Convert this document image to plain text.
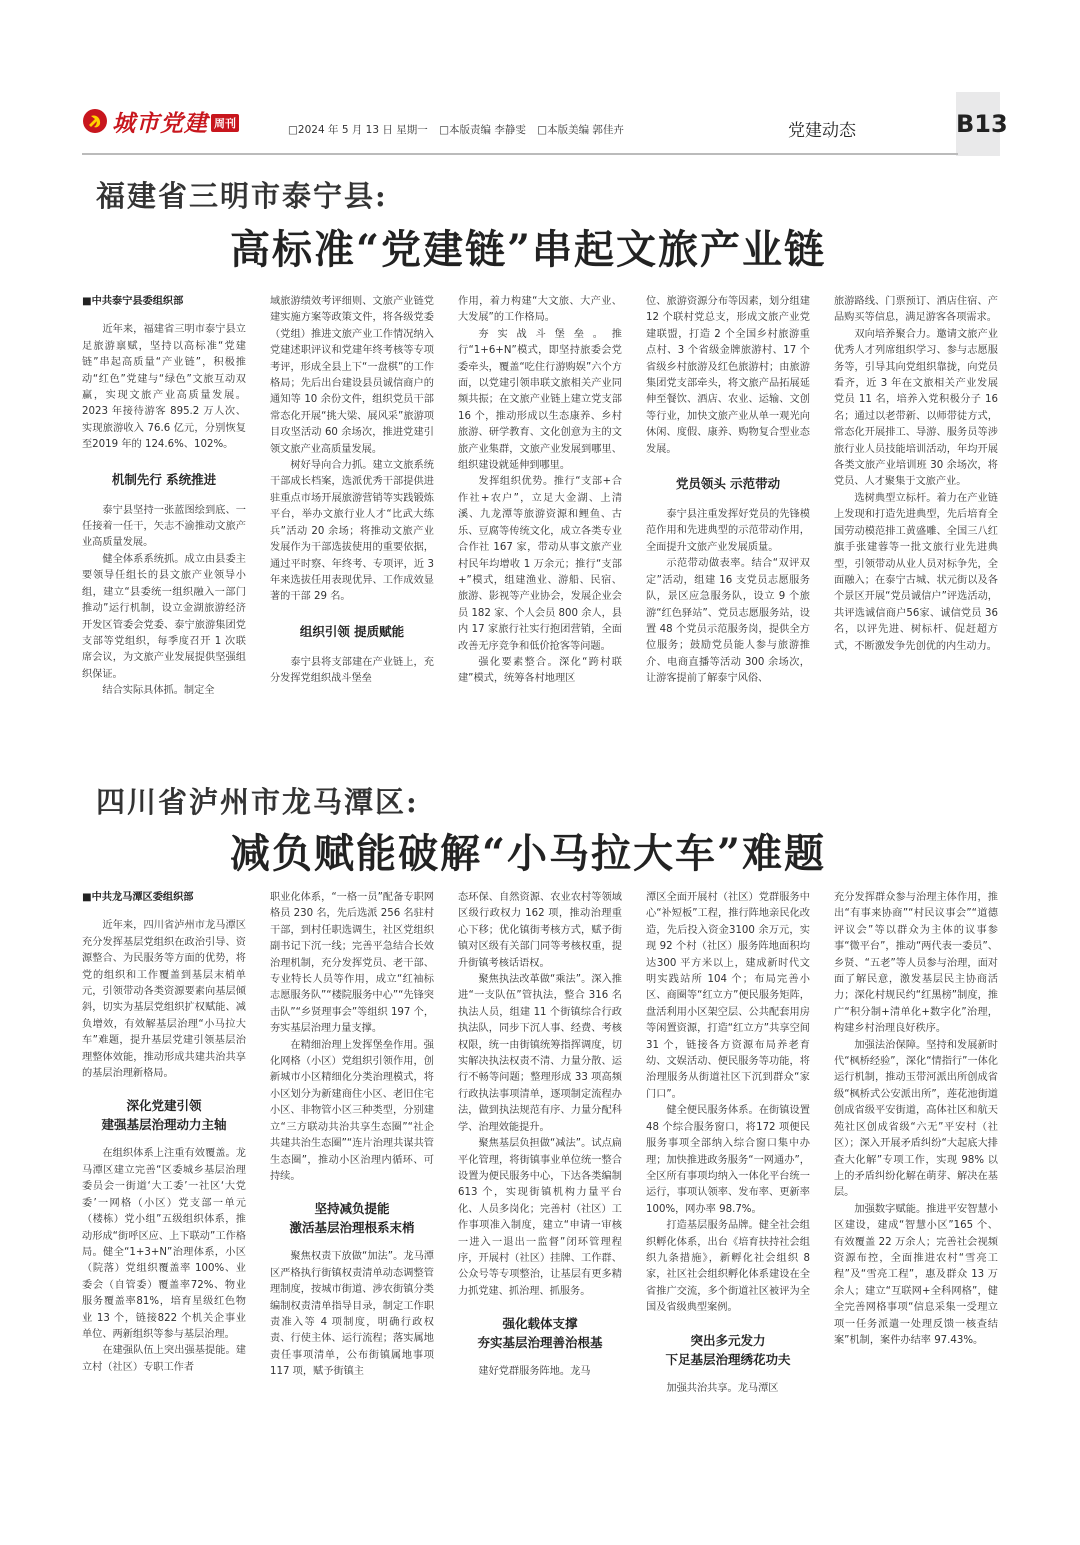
城市党建 周刊	□2024 年 5 月 13 日 星期一 □本版责编 李静雯 □本版美编 郭佳卉	党建动态	B13
福建省三明市泰宁县:
高标准“党建链”串起文旅产业链

■中共泰宁县委组织部

近年来，福建省三明市泰宁县立足旅游禀赋，坚持以高标准“党建链”串起高质量“产业链”，积极推动“红色”党建与“绿色”文旅互动双赢，实现文旅产业高质量发展。2023 年接待游客 895.2 万人次、实现旅游收入 76.6 亿元，分别恢复至2019 年的 124.6%、102%。

机制先行 系统推进

泰宁县坚持一张蓝图绘到底、一任接着一任干，矢志不渝推动文旅产业高质量发展。

健全体系系统抓。成立由县委主要领导任组长的县文旅产业领导小组，建立“县委统一组织融入一部门推动”运行机制，设立金湖旅游经济开发区管委会党委、泰宁旅游集团党支部等党组织，每季度召开 1 次联席会议，为文旅产业发展提供坚强组织保证。

结合实际具体抓。制定全

域旅游绩效考评细则、文旅产业链党建实施方案等政策文件，将各级党委（党组）推进文旅产业工作情况纳入党建述职评议和党建年终考核等专项考评，形成全县上下“一盘棋”的工作格局；先后出台建设县员诚信商户的通知等 10 余份文件，组织党员干部常态化开展“挑大梁、展风采”旅游项目攻坚活动 60 余场次，推进党建引领文旅产业高质量发展。

树好导向合力抓。建立文旅系统干部成长档案，选派优秀干部提供进驻重点市场开展旅游营销等实践锻炼平台，举办文旅行业人才“比武大练兵”活动 20 余场；将推动文旅产业发展作为干部选拔使用的重要依据，通过平时察、年终考、专项评，近 3 年来选拔任用表现优异、工作成效显著的干部 29 名。

组织引领 提质赋能

泰宁县将支部建在产业链上，充分发挥党组织战斗堡垒

作用，着力构建“大文旅、大产业、大发展”的工作格局。

夯实战斗堡垒。推行“1+6+N”模式，即坚持旅委会党委牵头，覆盖“吃住行游购娱”六个方面，以党建引领串联文旅相关产业同频共振；在文旅产业链上建立党支部 16 个，推动形成以生态康养、乡村旅游、研学教育、文化创意为主的文旅产业集群，文旅产业发展到哪里、组织建设就延伸到哪里。

发挥组织优势。推行“支部+合作社+农户”，立足大金湖、上清溪、九龙潭等旅游资源和鲤鱼、古乐、豆腐等传统文化，成立各类专业合作社 167 家，带动从事文旅产业村民年均增收 1 万余元；推行“支部+”模式，组建渔业、游船、民宿、旅游、影视等产业协会，发展企业会员 182 家、个人会员 800 余人，县内 17 家旅行社实行抱团营销，全面改善无序竞争和低价抢客等问题。

强化要素整合。深化“跨村联建”模式，统筹各村地理区

位、旅游资源分布等因素，划分组建 12 个联村党总支，形成文旅产业党建联盟，打造 2 个全国乡村旅游重点村、3 个省级金牌旅游村、17 个省级乡村旅游及红色旅游村；由旅游集团党支部牵头，将文旅产品拓展延伸至餐饮、酒店、农业、运输、文创等行业，加快文旅产业从单一观光向休闲、度假、康养、购物复合型业态发展。

党员领头 示范带动

泰宁县注重发挥好党员的先锋模范作用和先进典型的示范带动作用，全面提升文旅产业发展质量。

示范带动做表率。结合“双评双定”活动，组建 16 支党员志愿服务队，景区应急服务队，设立 9 个旅游“红色驿站”、党员志愿服务站，设置 48 个党员示范服务岗，提供全方位服务；鼓励党员能人参与旅游推介、电商直播等活动 300 余场次，让游客提前了解泰宁风俗、

旅游路线、门票预订、酒店住宿、产品购买等信息，满足游客各项需求。

双向培养聚合力。邀请文旅产业优秀人才列席组织学习、参与志愿服务等，引导其向党组织靠拢，向党员看齐，近 3 年在文旅相关产业发展党员 11 名，培养入党积极分子 16 名；通过以老带新、以师带徒方式，常态化开展排工、导游、服务员等涉旅行业人员技能培训活动，年均开展各类文旅产业培训班 30 余场次，将党员、人才聚集于文旅产业。

选树典型立标杆。着力在产业链上发现和打造先进典型，先后培育全国劳动模范排工黄盛雕、全国三八红旗手张建蓉等一批文旅行业先进典型，引领带动从业人员对标争先，全面融入；在泰宁古城、状元街以及各个景区开展“党员诚信户”评选活动，共评选诚信商户56家、诚信党员 36 名，以评先进、树标杆、促赶超方式，不断激发争先创优的内生动力。

四川省泸州市龙马潭区:
减负赋能破解“小马拉大车”难题

■中共龙马潭区委组织部

近年来，四川省泸州市龙马潭区充分发挥基层党组织在政治引导、资源整合、为民服务等方面的优势，将党的组织和工作覆盖到基层末梢单元，引领带动各类资源要素向基层倾斜，切实为基层党组织扩权赋能、减负增效，有效解基层治理“小马拉大车”难题，提升基层党建引领基层治理整体效能，推动形成共建共治共享的基层治理新格局。

深化党建引领
建强基层治理动力主轴

在组织体系上注重有效覆盖。龙马潭区建立完善“区委城乡基层治理委员会一街道‘大工委’一社区‘大党委’一网格（小区）党支部一单元（楼栋）党小组”五级组织体系，推动形成“街呼区应、上下联动”工作格局。健全“1+3+N”治理体系，小区（院落）党组织覆盖率 100%、业委会（自管委）覆盖率72%、物业服务覆盖率81%，培育星级红色物业 13 个，链接822 个机关企事业单位、两新组织等参与基层治理。

在建强队伍上突出强基提能。建立村（社区）专职工作者

职业化体系，“一格一员”配备专职网格员 230 名，先后选派 256 名驻村干部，到村任职选调生，社区党组织副书记下沉一线；完善平急结合长效治理机制，充分发挥党员、老干部、专业特长人员等作用，成立“红袖标志愿服务队”“楼院服务中心”“先锋突击队”“乡贤理事会”等组织 197 个，夯实基层治理力量支撑。

在精细治理上发挥堡垒作用。强化网格（小区）党组织引领作用，创新城市小区精细化分类治理模式，将小区划分为新建商住小区、老旧住宅小区、非物管小区三种类型，分别建立“三方联动共治共享生态圈”“社企共建共治生态圈”“连片治理共谋共管生态圈”，推动小区治理内循环、可持续。

坚持减负提能
激活基层治理根系末梢

聚焦权责下放做“加法”。龙马潭区严格执行街镇权责清单动态调整管理制度，按城市街道、涉农街镇分类编制权责清单指导目录，制定工作职责准入等 4 项制度，明确行政权责、行使主体、运行流程；落实属地责任事项清单，公布街镇属地事项 117 项，赋予街镇主

态环保、自然资源、农业农村等领域区级行政权力 162 项，推动治理重心下移；优化镇街考核方式，赋予街镇对区级有关部门同等考核权重，提升街镇考核话语权。

聚焦执法改革做“乘法”。深入推进“一支队伍”管执法，整合 316 名执法人员，组建 11 个街镇综合行政执法队，同步下沉人事、经费、考核权限，统一由街镇统筹指挥调度，切实解决执法权责不清、力量分散、运行不畅等问题；整理形成 33 项高频行政执法事项清单，逐项制定流程办法，做到执法规范有序、力量分配科学、治理效能提升。

聚焦基层负担做“减法”。试点扁平化管理，将街镇事业单位统一整合设置为便民服务中心，下达各类编制 613 个，实现街镇机构力量平台化、人员多岗化；完善村（社区）工作事项准入制度，建立“申请一审核一进入一退出一监督”闭环管理程序，开展村（社区）挂牌、工作群、公众号等专项整治，让基层有更多精力抓党建、抓治理、抓服务。

强化载体支撑
夯实基层治理善治根基

建好党群服务阵地。龙马

潭区全面开展村（社区）党群服务中心“补短板”工程，推行阵地亲民化改造，先后投入资金3100 余万元，实现 92 个村（社区）服务阵地面积均达300 平方米以上，建成新时代文明实践站所 104 个；布局完善小区、商圈等“红立方”便民服务矩阵，盘活利用小区架空层、公共配套用房等闲置资源，打造“红立方”共享空间 31 个，链接各方资源布局养老育幼、文娱活动、便民服务等功能，将治理服务从街道社区下沉到群众“家门口”。

健全便民服务体系。在街镇设置 48 个综合服务窗口，将172 项便民服务事项全部纳入综合窗口集中办理；加快推进政务服务“一网通办”，全区所有事项均纳入一体化平台统一运行，事项认领率、发布率、更新率 100%，网办率 98.7%。

打造基层服务品牌。健全社会组织孵化体系，出台《培育扶持社会组织九条措施》，新孵化社会组织 8 家，社区社会组织孵化体系建设在全省推广交流，多个街道社区被评为全国及省级典型案例。

突出多元发力
下足基层治理绣花功夫

加强共治共享。龙马潭区

充分发挥群众参与治理主体作用，推出“有事来协商”“村民议事会”“道德评议会”等以群众为主体的议事参事“微平台”，推动“两代表一委员”、乡贤、“五老”等人员参与治理，面对面了解民意，激发基层民主协商活力；深化村规民约“红黑榜”制度，推广“积分制+清单化+数字化”治理，构建乡村治理良好秩序。

加强法治保障。坚持和发展新时代“枫桥经验”，深化“情指行”一体化运行机制，推动玉带河派出所创成省级“枫桥式公安派出所”，莲花池街道创成省级平安街道，高体社区和航天苑社区创成省级“六无”平安村（社区）；深入开展矛盾纠纷“大起底大排查大化解”专项工作，实现 98% 以上的矛盾纠纷化解在萌芽、解决在基层。

加强数字赋能。推进平安智慧小区建设，建成“智慧小区”165 个、有效覆盖 22 万余人；完善社会视频资源布控，全面推进农村“雪亮工程”及“雪亮工程”，惠及群众 13 万余人；建立“互联网+全科网格”，健全完善网格事项“信息采集一受理立项一任务派遣一处理反馈一核查结案”机制，案件办结率 97.43%。
